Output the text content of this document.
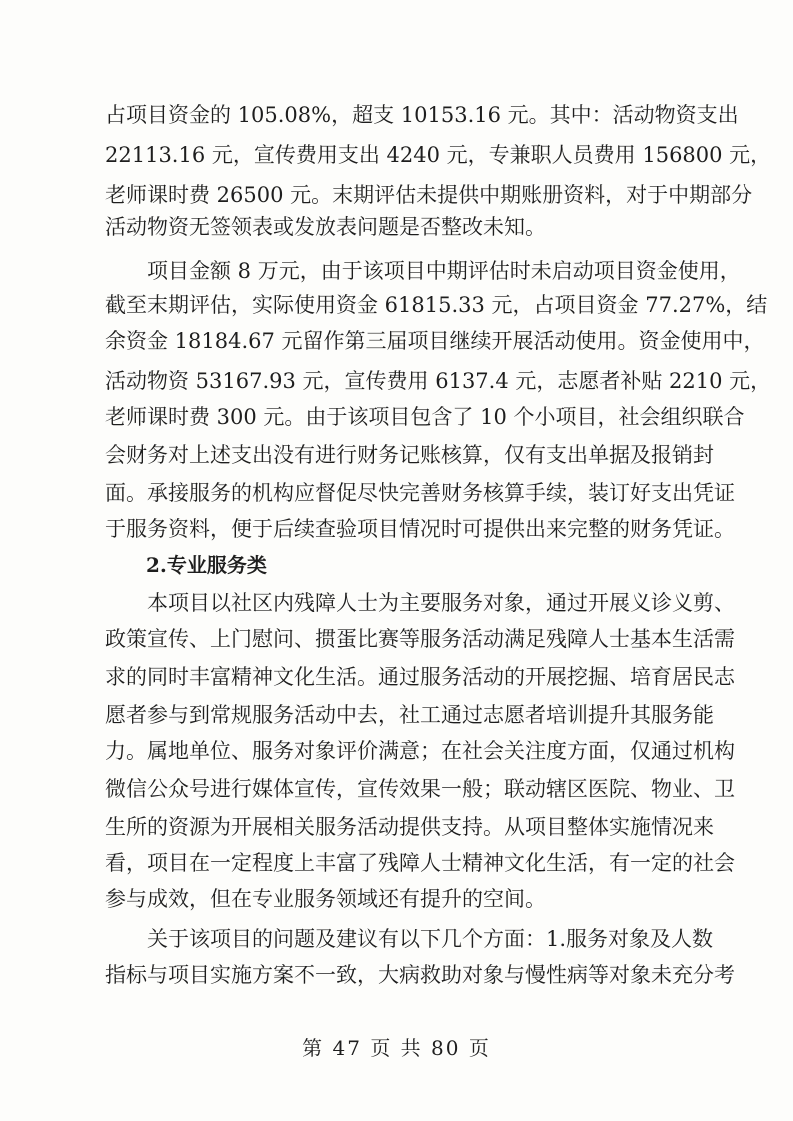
占项目资金的 105.08%，超支 10153.16 元。其中：活动物资支出
22113.16 元，宣传费用支出 4240 元，专兼职人员费用 156800 元，
老师课时费 26500 元。末期评估未提供中期账册资料，对于中期部分
活动物资无签领表或发放表问题是否整改未知。
项目金额 8 万元，由于该项目中期评估时未启动项目资金使用，
截至末期评估，实际使用资金 61815.33 元，占项目资金 77.27%，结
余资金 18184.67 元留作第三届项目继续开展活动使用。资金使用中，
活动物资 53167.93 元，宣传费用 6137.4 元，志愿者补贴 2210 元，
老师课时费 300 元。由于该项目包含了 10 个小项目，社会组织联合
会财务对上述支出没有进行财务记账核算，仅有支出单据及报销封
面。承接服务的机构应督促尽快完善财务核算手续，装订好支出凭证
于服务资料，便于后续查验项目情况时可提供出来完整的财务凭证。
2.专业服务类
本项目以社区内残障人士为主要服务对象，通过开展义诊义剪、
政策宣传、上门慰问、掼蛋比赛等服务活动满足残障人士基本生活需
求的同时丰富精神文化生活。通过服务活动的开展挖掘、培育居民志
愿者参与到常规服务活动中去，社工通过志愿者培训提升其服务能
力。属地单位、服务对象评价满意；在社会关注度方面，仅通过机构
微信公众号进行媒体宣传，宣传效果一般；联动辖区医院、物业、卫
生所的资源为开展相关服务活动提供支持。从项目整体实施情况来
看，项目在一定程度上丰富了残障人士精神文化生活，有一定的社会
参与成效，但在专业服务领域还有提升的空间。
关于该项目的问题及建议有以下几个方面：1.服务对象及人数
指标与项目实施方案不一致，大病救助对象与慢性病等对象未充分考
第 47 页 共 80 页
